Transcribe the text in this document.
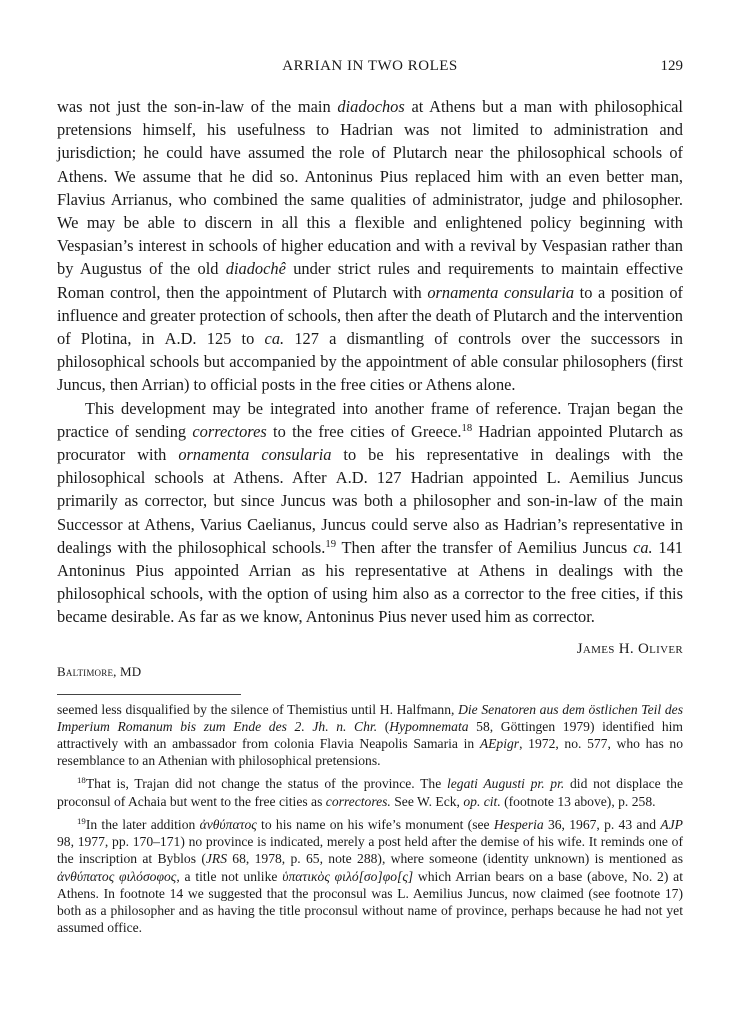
ARRIAN IN TWO ROLES	129

was not just the son-in-law of the main diadochos at Athens but a man with philosophical pretensions himself, his usefulness to Hadrian was not limited to administration and jurisdiction; he could have assumed the role of Plutarch near the philosophical schools of Athens. We assume that he did so. Antoninus Pius replaced him with an even better man, Flavius Arrianus, who combined the same qualities of administrator, judge and philosopher. We may be able to discern in all this a flexible and enlightened policy beginning with Vespasian’s interest in schools of higher education and with a revival by Vespasian rather than by Augustus of the old diadochê under strict rules and requirements to maintain effective Roman control, then the appointment of Plutarch with ornamenta consularia to a position of influence and greater protection of schools, then after the death of Plutarch and the intervention of Plotina, in A.D. 125 to ca. 127 a dismantling of controls over the successors in philosophical schools but accompanied by the appointment of able consular philosophers (first Juncus, then Arrian) to official posts in the free cities or Athens alone.

This development may be integrated into another frame of reference. Trajan began the practice of sending correctores to the free cities of Greece.$^{18}$ Hadrian appointed Plutarch as procurator with ornamenta consularia to be his representative in dealings with the philosophical schools at Athens. After A.D. 127 Hadrian appointed L. Aemilius Juncus primarily as corrector, but since Juncus was both a philosopher and son-in-law of the main Successor at Athens, Varius Caelianus, Juncus could serve also as Hadrian’s representative in dealings with the philosophical schools.$^{19}$ Then after the transfer of Aemilius Juncus ca. 141 Antoninus Pius appointed Arrian as his representative at Athens in dealings with the philosophical schools, with the option of using him also as a corrector to the free cities, if this became desirable. As far as we know, Antoninus Pius never used him as corrector.

James H. Oliver
Baltimore, MD

seemed less disqualified by the silence of Themistius until H. Halfmann, Die Senatoren aus dem östlichen Teil des Imperium Romanum bis zum Ende des 2. Jh. n. Chr. (Hypomnemata 58, Göttingen 1979) identified him attractively with an ambassador from colonia Flavia Neapolis Samaria in AEpigr, 1972, no. 577, who has no resemblance to an Athenian with philosophical pretensions.

$^{18}$That is, Trajan did not change the status of the province. The legati Augusti pr. pr. did not displace the proconsul of Achaia but went to the free cities as correctores. See W. Eck, op. cit. (footnote 13 above), p. 258.

$^{19}$In the later addition ἀνθύπατος to his name on his wife’s monument (see Hesperia 36, 1967, p. 43 and AJP 98, 1977, pp. 170–171) no province is indicated, merely a post held after the demise of his wife. It reminds one of the inscription at Byblos (JRS 68, 1978, p. 65, note 288), where someone (identity unknown) is mentioned as ἀνθύπατος φιλόσοφος, a title not unlike ὑπατικὸς φιλό[σο]φο[ς] which Arrian bears on a base (above, No. 2) at Athens. In footnote 14 we suggested that the proconsul was L. Aemilius Juncus, now claimed (see footnote 17) both as a philosopher and as having the title proconsul without name of province, perhaps because he had not yet assumed office.
